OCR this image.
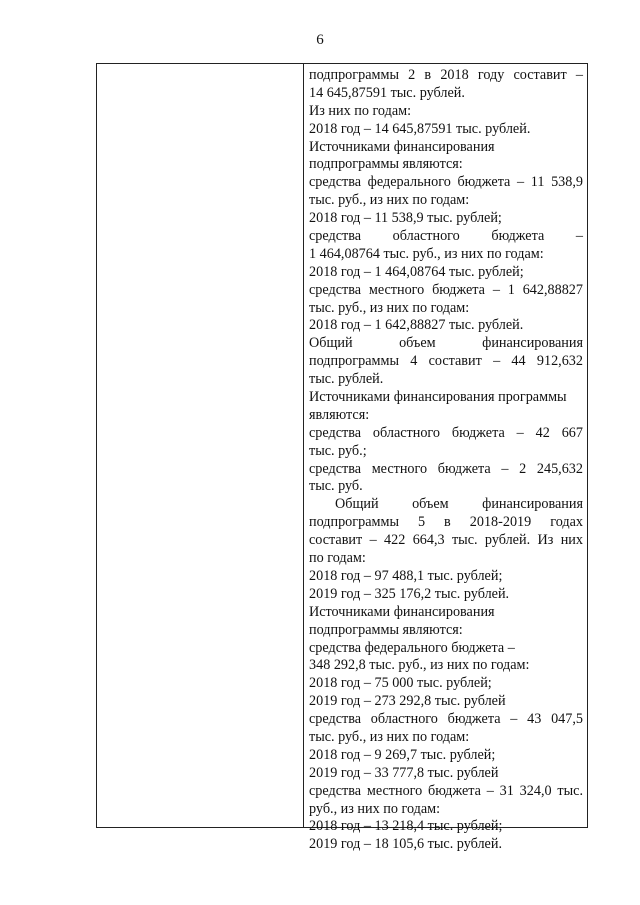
6
подпрограммы 2 в 2018 году составит –
14 645,87591 тыс. рублей.
Из них по годам:
2018 год – 14 645,87591 тыс. рублей.
Источниками финансирования
подпрограммы являются:
средства федерального бюджета – 11 538,9
тыс. руб., из них по годам:
2018 год – 11 538,9 тыс. рублей;
средства областного бюджета –
1 464,08764 тыс. руб., из них по годам:
2018 год – 1 464,08764 тыс. рублей;
средства местного бюджета – 1 642,88827
тыс. руб., из них по годам:
2018 год – 1 642,88827 тыс. рублей.
Общий объем финансирования
подпрограммы 4 составит – 44 912,632
тыс. рублей.
Источниками финансирования программы
являются:
средства областного бюджета – 42 667
тыс. руб.;
средства местного бюджета – 2 245,632
тыс. руб.
Общий объем финансирования
подпрограммы 5 в 2018-2019 годах
составит – 422 664,3 тыс. рублей. Из них
по годам:
2018 год – 97 488,1 тыс. рублей;
2019 год – 325 176,2 тыс. рублей.
Источниками финансирования
подпрограммы являются:
средства федерального бюджета –
348 292,8 тыс. руб., из них по годам:
2018 год – 75 000 тыс. рублей;
2019 год – 273 292,8 тыс. рублей
средства областного бюджета – 43 047,5
тыс. руб., из них по годам:
2018 год – 9 269,7 тыс. рублей;
2019 год – 33 777,8 тыс. рублей
средства местного бюджета – 31 324,0 тыс.
руб., из них по годам:
2018 год – 13 218,4 тыс. рублей;
2019 год – 18 105,6 тыс. рублей.
